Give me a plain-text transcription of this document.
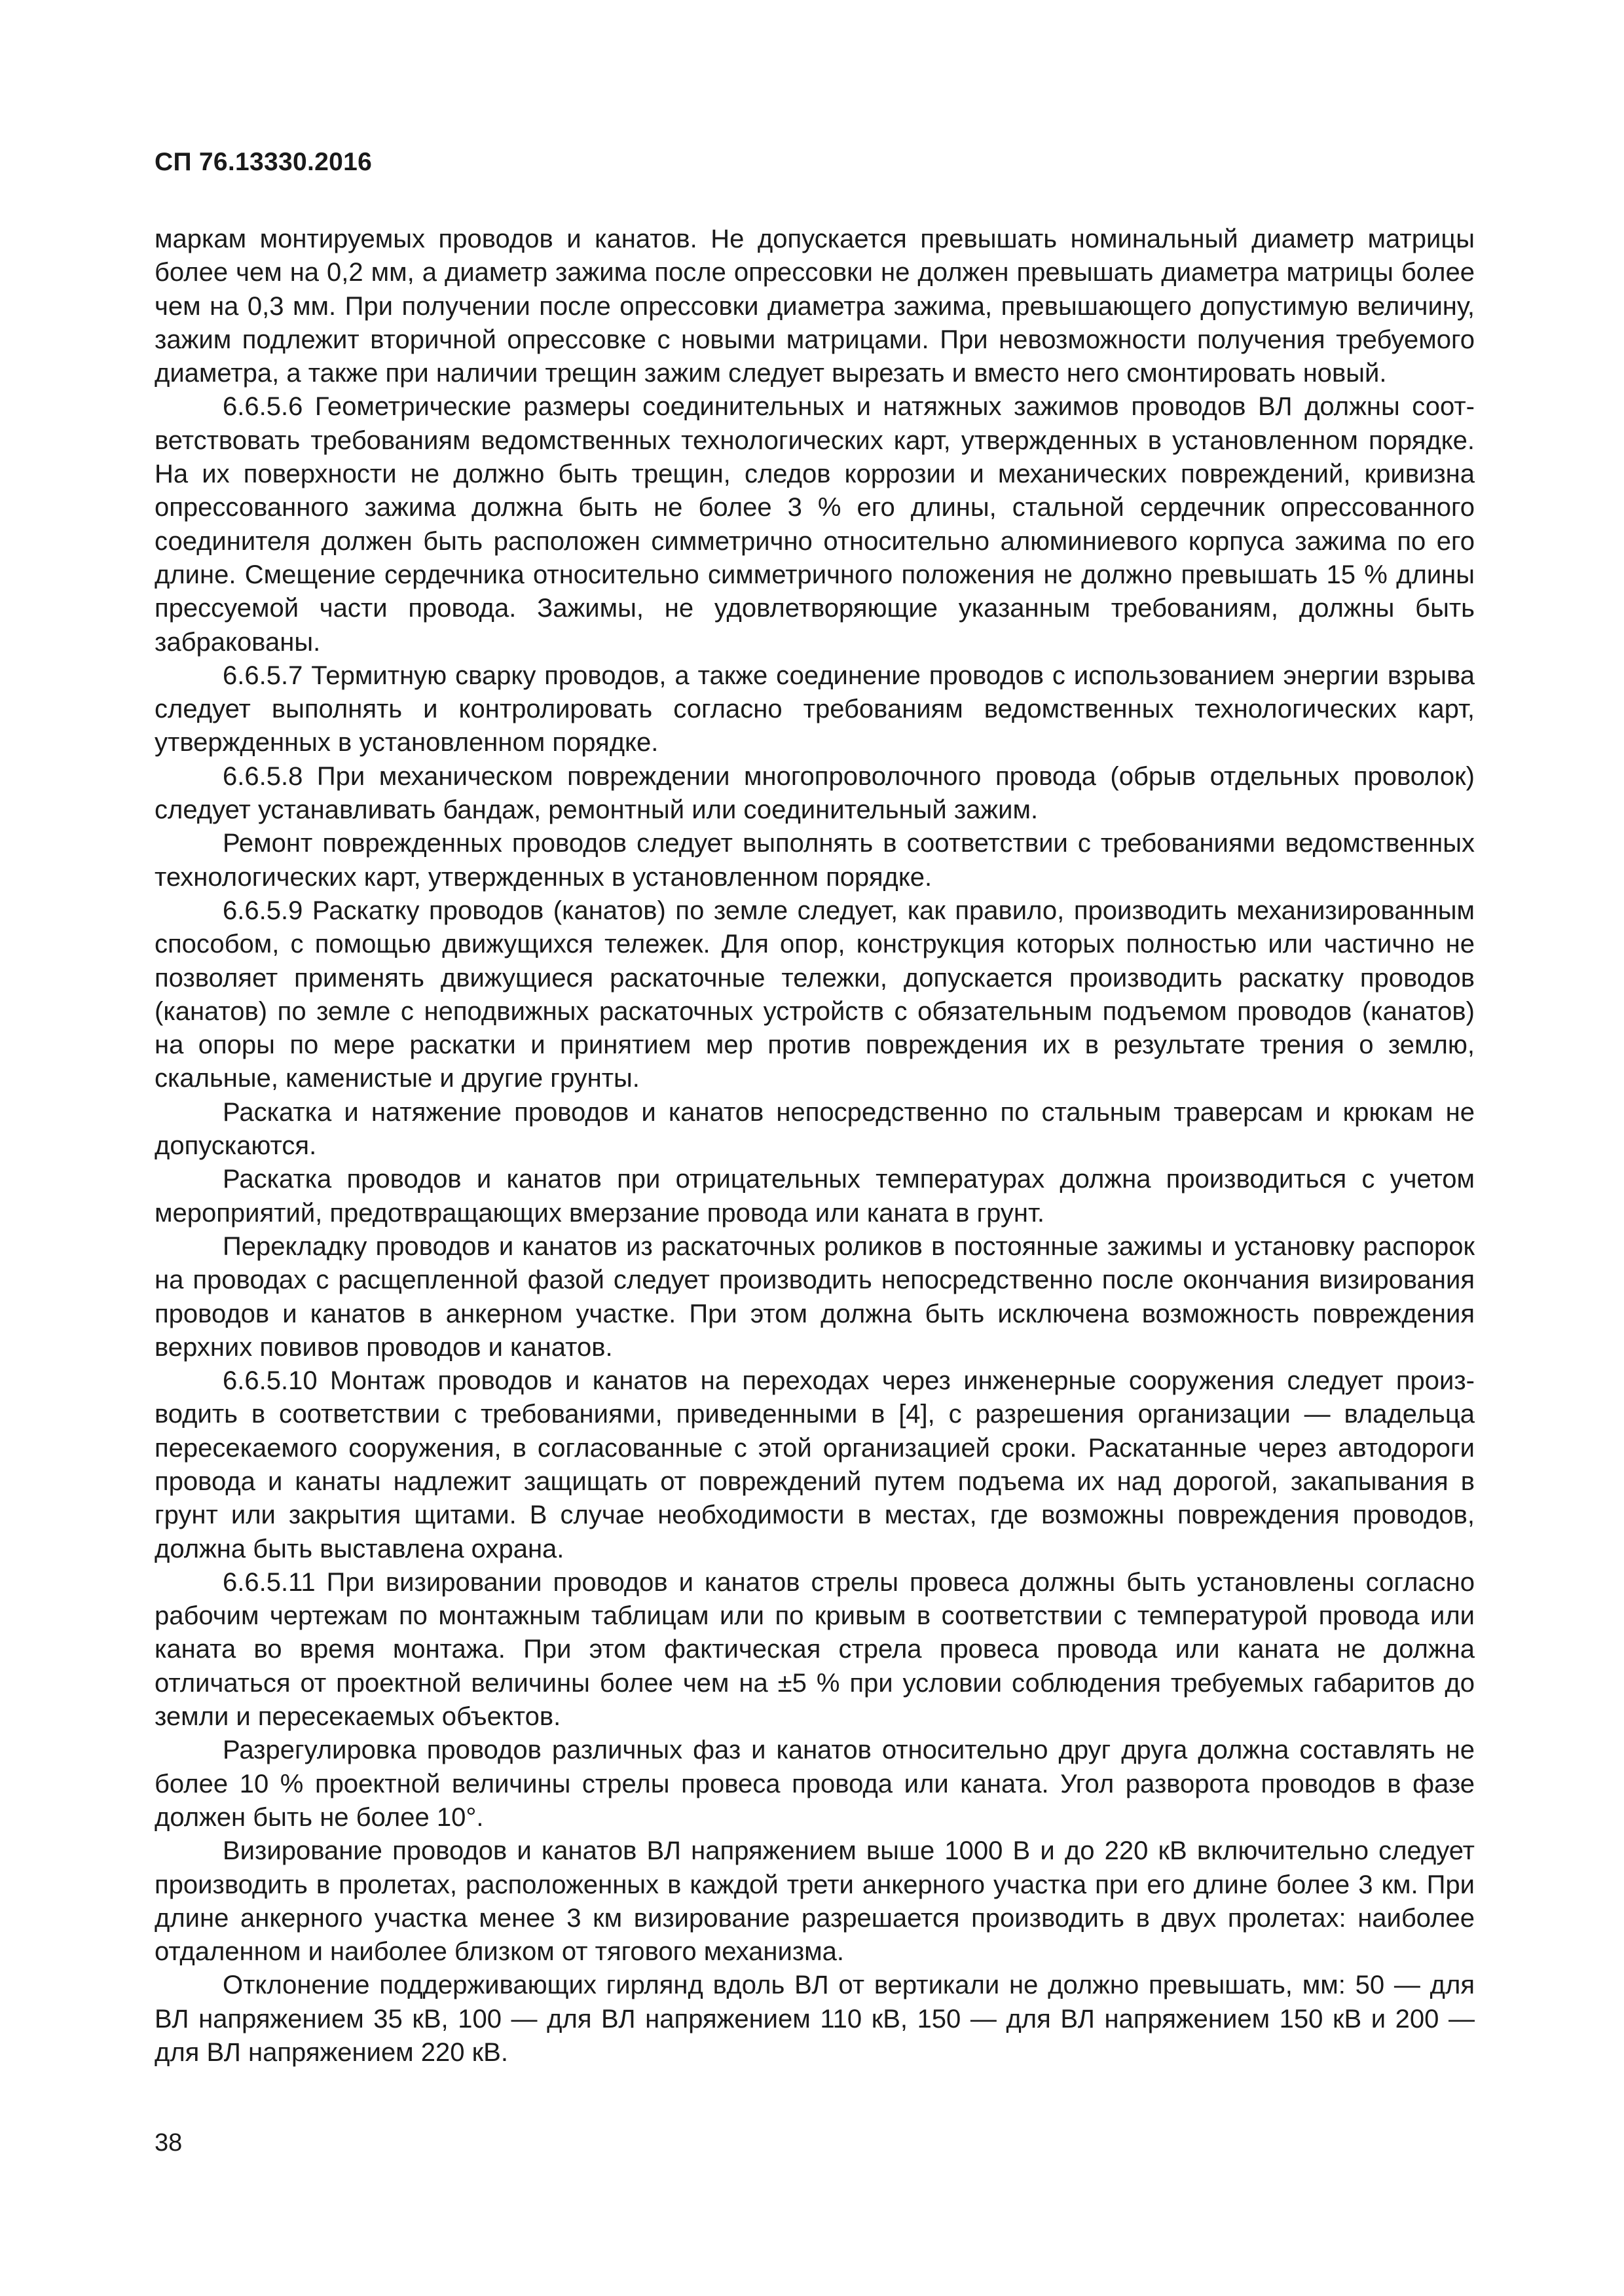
СП 76.13330.2016

маркам монтируемых проводов и канатов. Не допускается превышать номинальный диаметр матрицы более чем на 0,2 мм, а диаметр зажима после опрессовки не должен превышать диаметра матрицы более чем на 0,3 мм. При получении после опрессовки диаметра зажима, превышающего допустимую величину, зажим подлежит вторичной опрессовке с новыми матрицами. При невозможности получения требуемого диаметра, а также при наличии трещин зажим следует вырезать и вместо него смонтировать новый.

6.6.5.6 Геометрические размеры соединительных и натяжных зажимов проводов ВЛ должны соответствовать требованиям ведомственных технологических карт, утвержденных в установленном порядке. На их поверхности не должно быть трещин, следов коррозии и механических повреждений, кривизна опрессованного зажима должна быть не более 3 % его длины, стальной сердечник опрессованного соединителя должен быть расположен симметрично относительно алюминиевого корпуса зажима по его длине. Смещение сердечника относительно симметричного положения не должно превышать 15 % длины прессуемой части провода. Зажимы, не удовлетворяющие указанным требованиям, должны быть забракованы.

6.6.5.7 Термитную сварку проводов, а также соединение проводов с использованием энергии взрыва следует выполнять и контролировать согласно требованиям ведомственных технологических карт, утвержденных в установленном порядке.

6.6.5.8 При механическом повреждении многопроволочного провода (обрыв отдельных проволок) следует устанавливать бандаж, ремонтный или соединительный зажим.

Ремонт поврежденных проводов следует выполнять в соответствии с требованиями ведомственных технологических карт, утвержденных в установленном порядке.

6.6.5.9 Раскатку проводов (канатов) по земле следует, как правило, производить механизированным способом, с помощью движущихся тележек. Для опор, конструкция которых полностью или частично не позволяет применять движущиеся раскаточные тележки, допускается производить раскатку проводов (канатов) по земле с неподвижных раскаточных устройств с обязательным подъемом проводов (канатов) на опоры по мере раскатки и принятием мер против повреждения их в результате трения о землю, скальные, каменистые и другие грунты.

Раскатка и натяжение проводов и канатов непосредственно по стальным траверсам и крюкам не допускаются.

Раскатка проводов и канатов при отрицательных температурах должна производиться с учетом мероприятий, предотвращающих вмерзание провода или каната в грунт.

Перекладку проводов и канатов из раскаточных роликов в постоянные зажимы и установку распорок на проводах с расщепленной фазой следует производить непосредственно после окончания визирования проводов и канатов в анкерном участке. При этом должна быть исключена возможность повреждения верхних повивов проводов и канатов.

6.6.5.10 Монтаж проводов и канатов на переходах через инженерные сооружения следует производить в соответствии с требованиями, приведенными в [4], с разрешения организации — владельца пересекаемого сооружения, в согласованные с этой организацией сроки. Раскатанные через автодороги провода и канаты надлежит защищать от повреждений путем подъема их над дорогой, закапывания в грунт или закрытия щитами. В случае необходимости в местах, где возможны повреждения проводов, должна быть выставлена охрана.

6.6.5.11 При визировании проводов и канатов стрелы провеса должны быть установлены согласно рабочим чертежам по монтажным таблицам или по кривым в соответствии с температурой провода или каната во время монтажа. При этом фактическая стрела провеса провода или каната не должна отличаться от проектной величины более чем на ±5 % при условии соблюдения требуемых габаритов до земли и пересекаемых объектов.

Разрегулировка проводов различных фаз и канатов относительно друг друга должна составлять не более 10 % проектной величины стрелы провеса провода или каната. Угол разворота проводов в фазе должен быть не более 10°.

Визирование проводов и канатов ВЛ напряжением выше 1000 В и до 220 кВ включительно следует производить в пролетах, расположенных в каждой трети анкерного участка при его длине более 3 км. При длине анкерного участка менее 3 км визирование разрешается производить в двух пролетах: наиболее отдаленном и наиболее близком от тягового механизма.

Отклонение поддерживающих гирлянд вдоль ВЛ от вертикали не должно превышать, мм: 50 — для ВЛ напряжением 35 кВ, 100 — для ВЛ напряжением 110 кВ, 150 — для ВЛ напряжением 150 кВ и 200 — для ВЛ напряжением 220 кВ.

38
